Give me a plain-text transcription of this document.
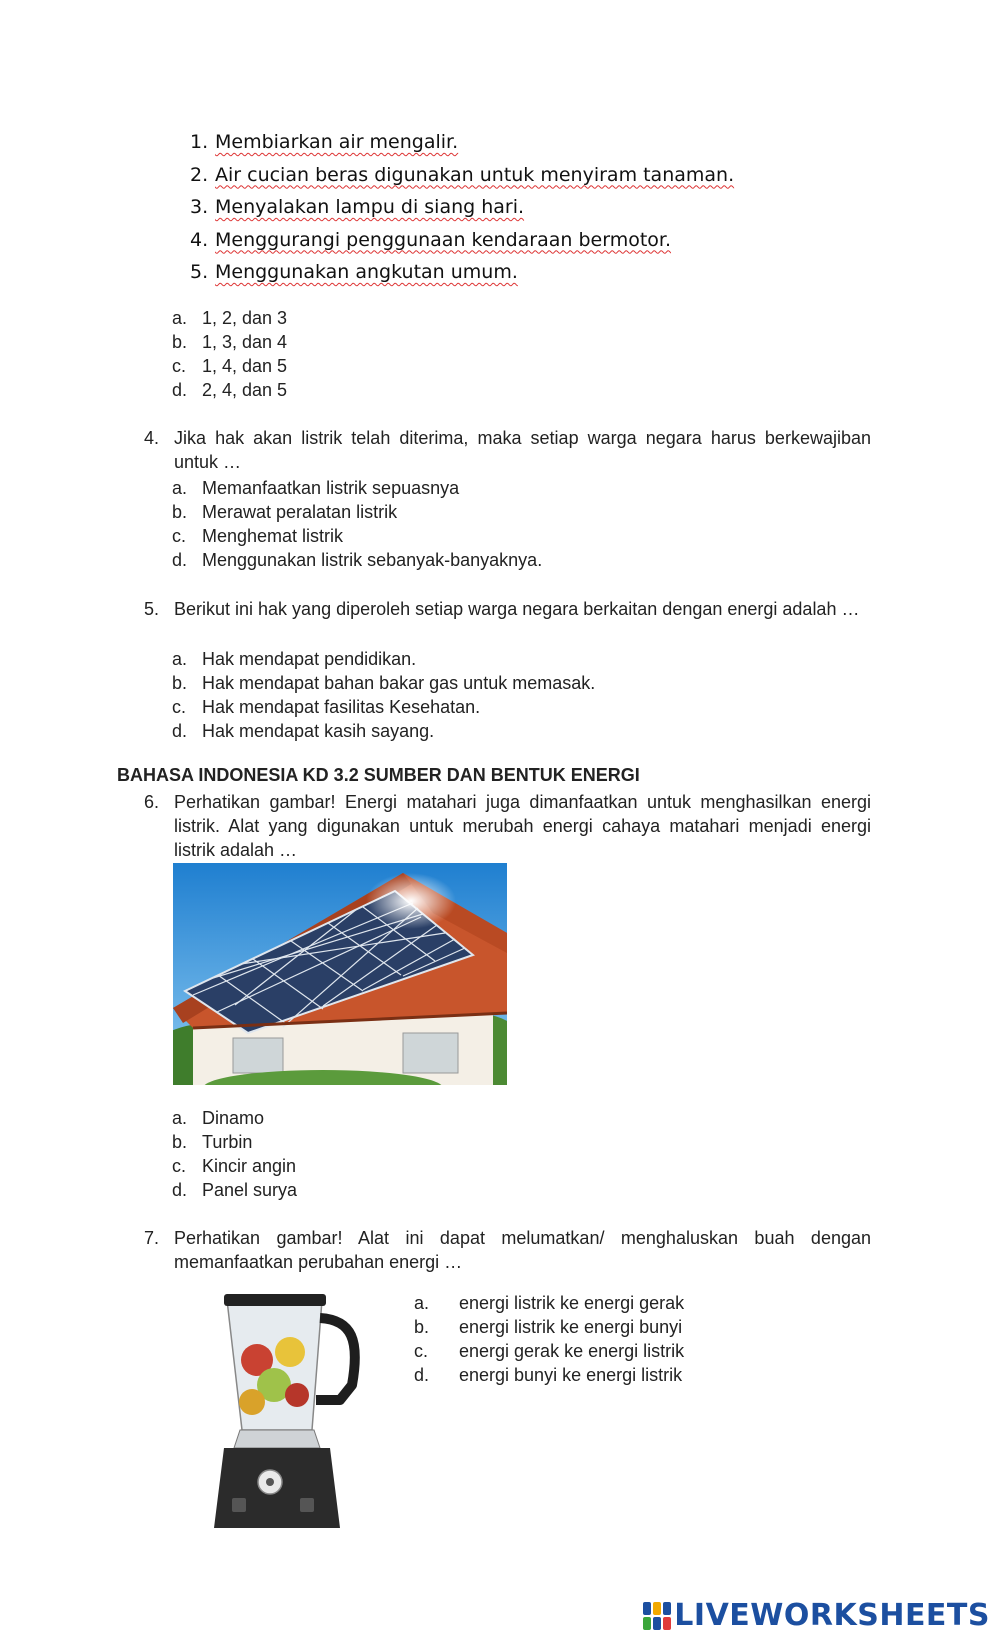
1. Membiarkan air mengalir.
2. Air cucian beras digunakan untuk menyiram tanaman.
3. Menyalakan lampu di siang hari.
4. Menggurangi penggunaan kendaraan bermotor.
5. Menggunakan angkutan umum.
a. 1, 2, dan 3
b. 1, 3, dan 4
c. 1, 4, dan 5
d. 2, 4, dan 5
4. Jika hak akan listrik telah diterima, maka setiap warga negara harus berkewajiban untuk …
a. Memanfaatkan listrik sepuasnya
b. Merawat peralatan listrik
c. Menghemat listrik
d. Menggunakan listrik sebanyak-banyaknya.
5. Berikut ini hak yang diperoleh setiap warga negara berkaitan dengan energi adalah …
a. Hak mendapat pendidikan.
b. Hak mendapat bahan bakar gas untuk memasak.
c. Hak mendapat fasilitas Kesehatan.
d. Hak mendapat kasih sayang.
BAHASA INDONESIA KD 3.2 SUMBER DAN BENTUK ENERGI
6. Perhatikan gambar! Energi matahari juga dimanfaatkan untuk menghasilkan energi listrik. Alat yang digunakan untuk merubah energi cahaya matahari menjadi energi listrik adalah …
a. Dinamo
b. Turbin
c. Kincir angin
d. Panel surya
7. Perhatikan gambar! Alat ini dapat melumatkan/ menghaluskan buah dengan memanfaatkan perubahan energi …
a. energi listrik ke energi gerak
b. energi listrik ke energi bunyi
c. energi gerak ke energi listrik
d. energi bunyi ke energi listrik
LIVEWORKSHEETS
